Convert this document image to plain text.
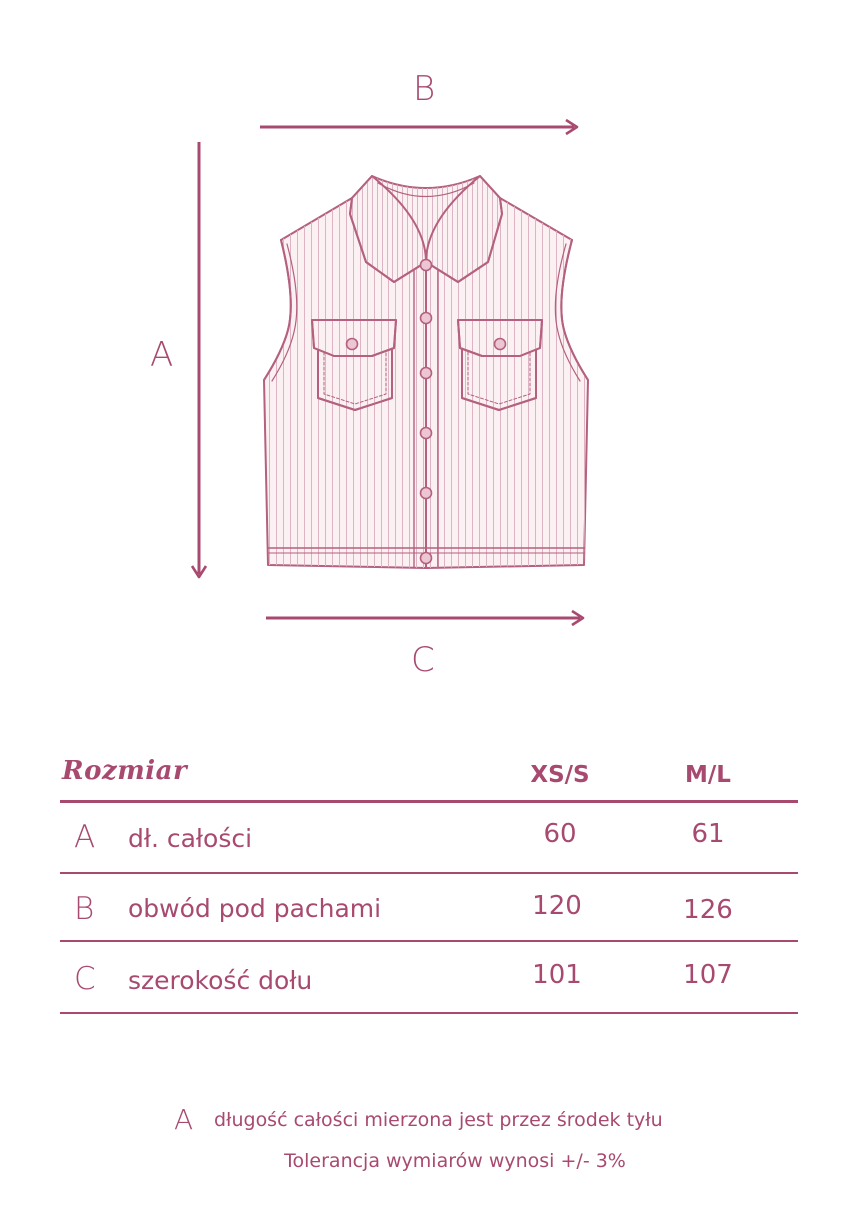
B
A
C
Rozmiar	XS/S	M/L
A dł. całości	60	61
B obwód pod pachami	120	126
C szerokość dołu	101	107
A długość całości mierzona jest przez środek tyłu
Tolerancja wymiarów wynosi +/- 3%
